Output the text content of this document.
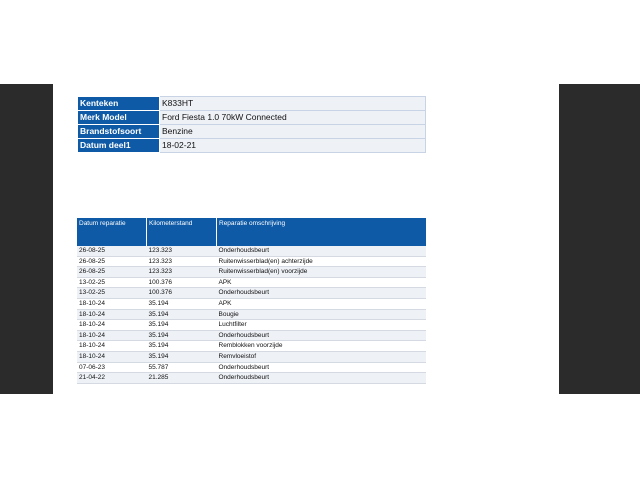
Kenteken	K833HT
Merk Model	Ford Fiesta 1.0 70kW Connected
Brandstofsoort	Benzine
Datum deel1	18-02-21
Datum reparatie	Kilometerstand	Reparatie omschrijving
26-08-25	123.323	Onderhoudsbeurt
26-08-25	123.323	Ruitenwisserblad(en) achterzijde
26-08-25	123.323	Ruitenwisserblad(en) voorzijde
13-02-25	100.376	APK
13-02-25	100.376	Onderhoudsbeurt
18-10-24	35.194	APK
18-10-24	35.194	Bougie
18-10-24	35.194	Luchtfilter
18-10-24	35.194	Onderhoudsbeurt
18-10-24	35.194	Remblokken voorzijde
18-10-24	35.194	Remvloeistof
07-06-23	55.787	Onderhoudsbeurt
21-04-22	21.285	Onderhoudsbeurt
